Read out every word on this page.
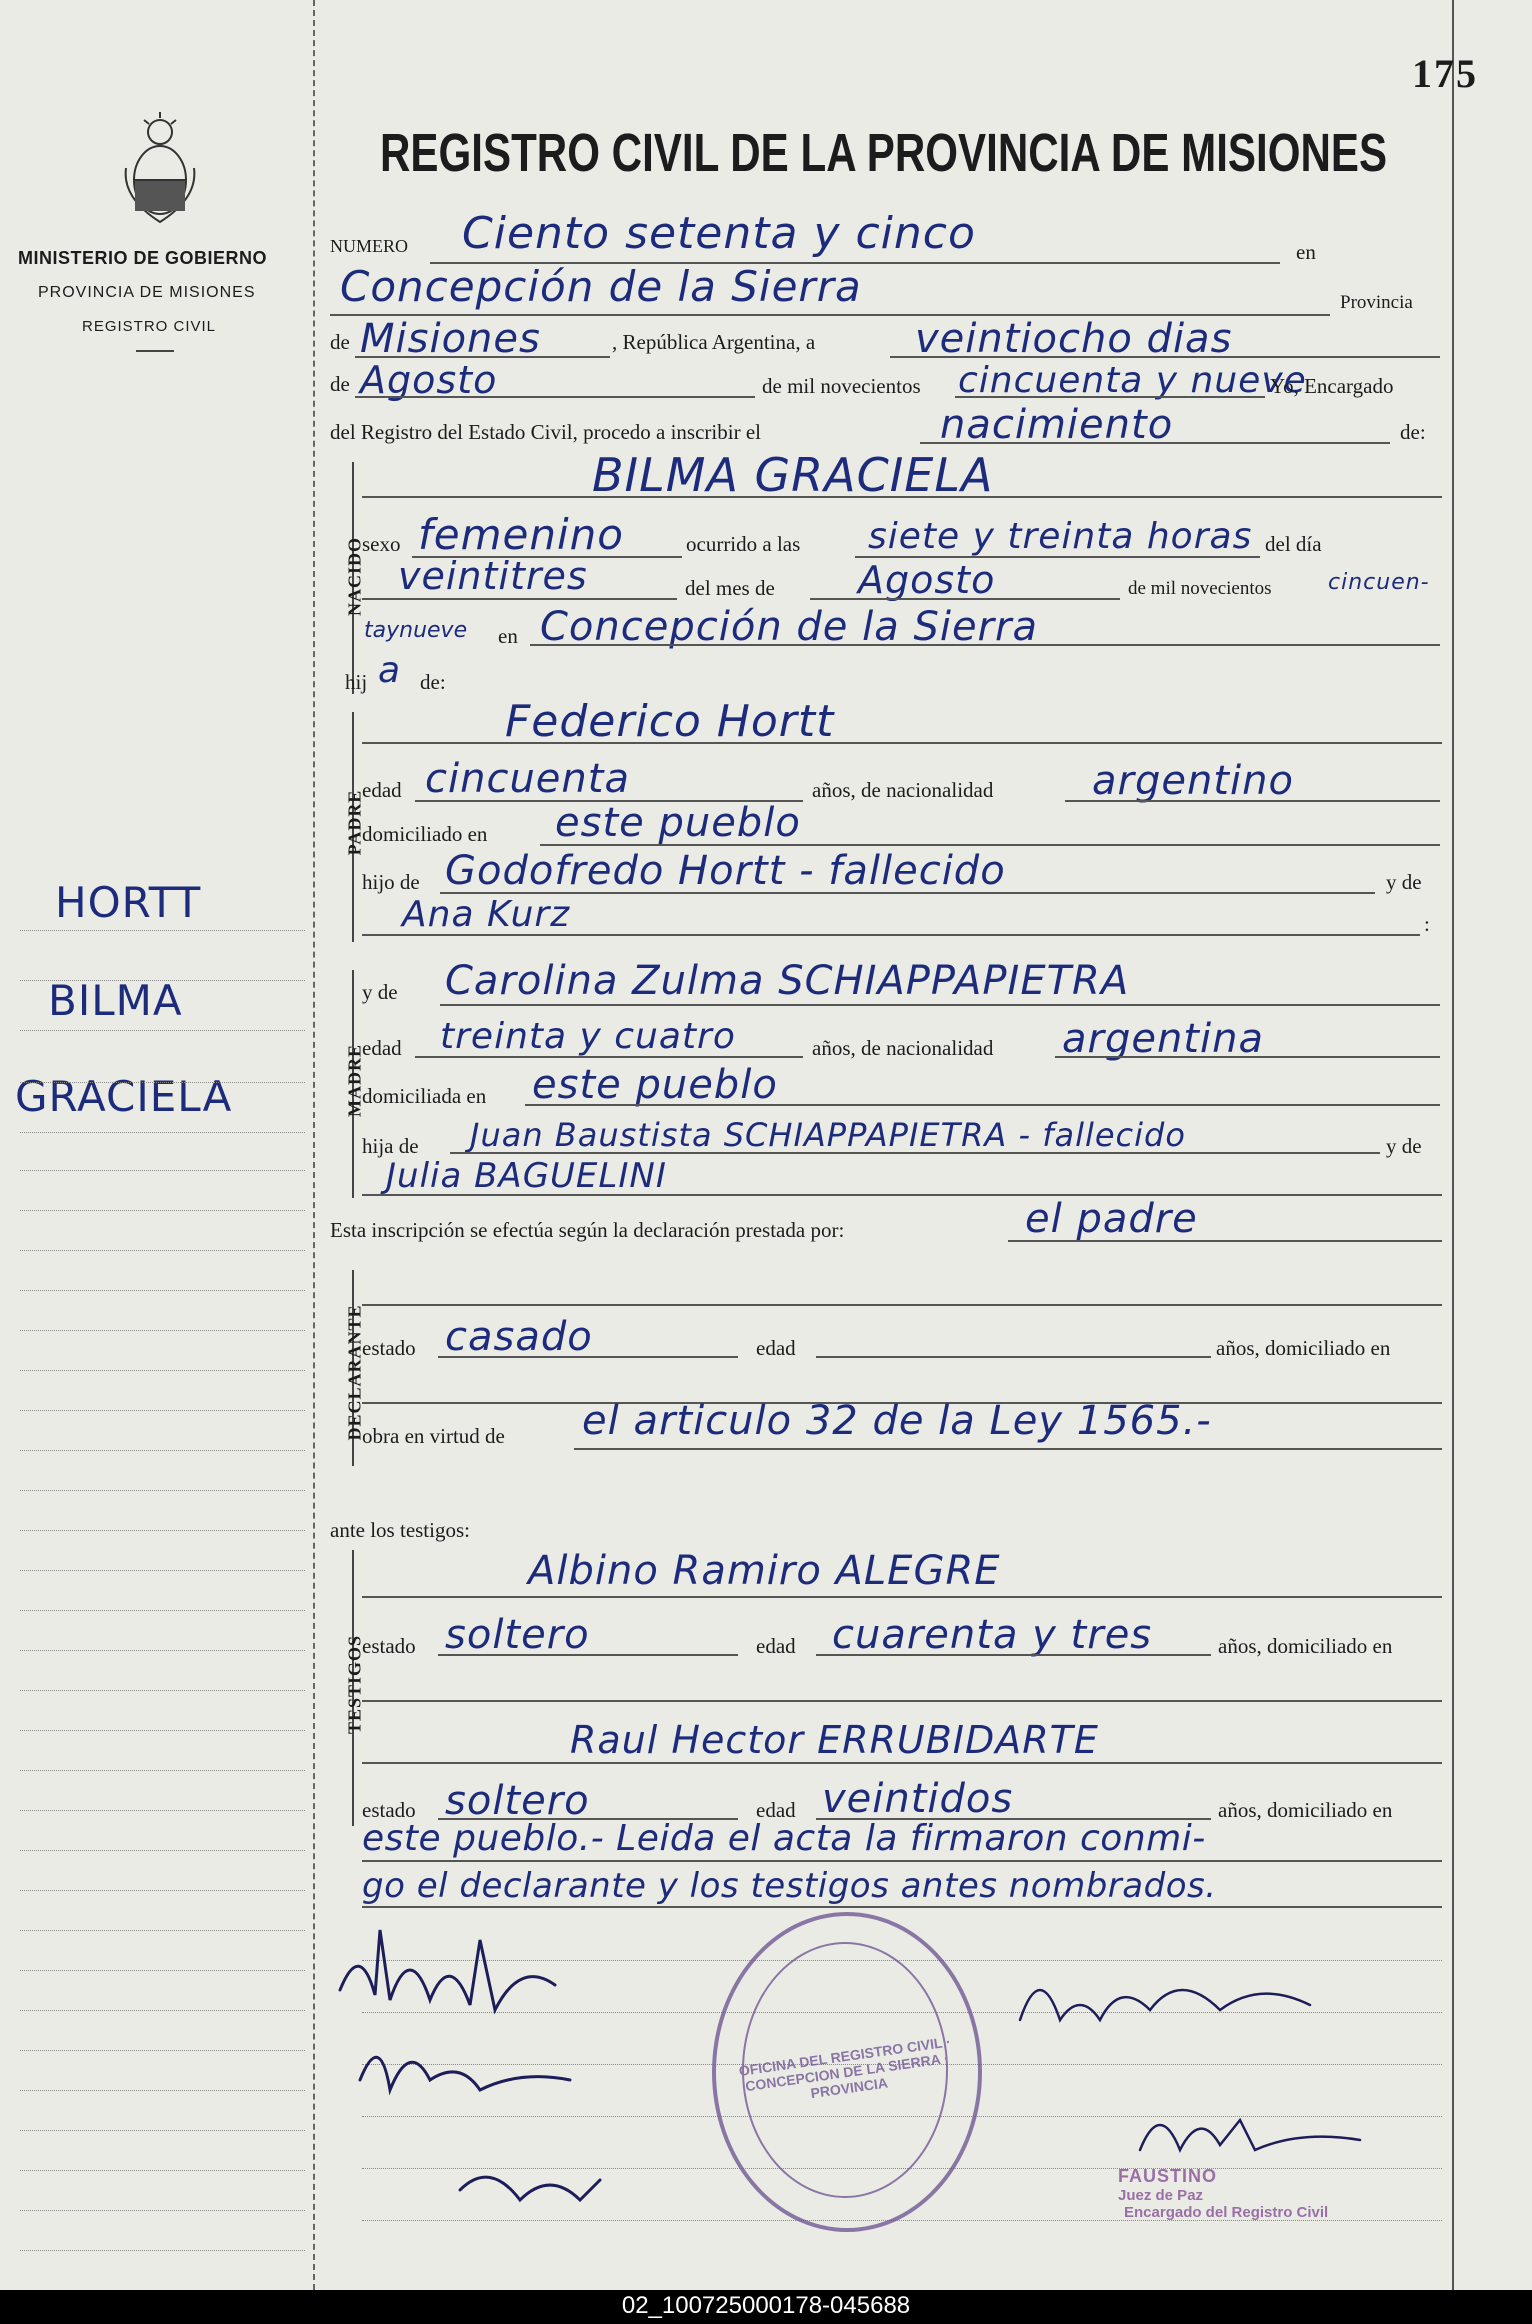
MINISTERIO DE GOBIERNO
PROVINCIA DE MISIONES
REGISTRO CIVIL
HORTT
BILMA
GRACIELA
175
REGISTRO CIVIL DE LA PROVINCIA DE MISIONES
NUMERO Ciento setenta y cinco	en
Concepción de la Sierra	Provincia
de Misiones	, República Argentina, a veintiocho dias
de Agosto	de mil novecientos cincuenta y nueve
Yo, Encargado
del Registro del Estado Civil, procedo a inscribir el	nacimiento	de:
NACIDO
BILMA GRACIELA
sexo femenino	ocurrido a las siete y treinta horas del día
veintitres	del mes de Agosto	de mil novecientos	cincuen-
taynueve en Concepción de la Sierra
hij a de:
PADRE
Federico Hortt
edad cincuenta	años, de nacionalidad argentino
domiciliado en este pueblo
hijo de Godofredo Hortt - fallecido	y de
Ana Kurz	:
MADRE
y de Carolina Zulma SCHIAPPAPIETRA
edad treinta y cuatro	años, de nacionalidad argentina
domiciliada en este pueblo
hija de Juan Baustista SCHIAPPAPIETRA - fallecido	y de
Julia BAGUELINI
Esta inscripción se efectúa según la declaración prestada por:	el padre
DECLARANTE
estado casado	edad	años, domiciliado en
obra en virtud de el articulo 32 de la Ley 1565.-
ante los testigos:
TESTIGOS
Albino Ramiro ALEGRE
estado soltero	edad cuarenta y tres	años, domiciliado en
Raul Hector ERRUBIDARTE
estado soltero	edad veintidos	años, domiciliado en
este pueblo.- Leida el acta la firmaron conmi-
go el declarante y los testigos antes nombrados.
OFICINA DEL REGISTRO CIVIL · CONCEPCION DE LA SIERRA · PROVINCIA
FAUSTINO
Juez de Paz
Encargado del Registro Civil
02_100725000178-045688
